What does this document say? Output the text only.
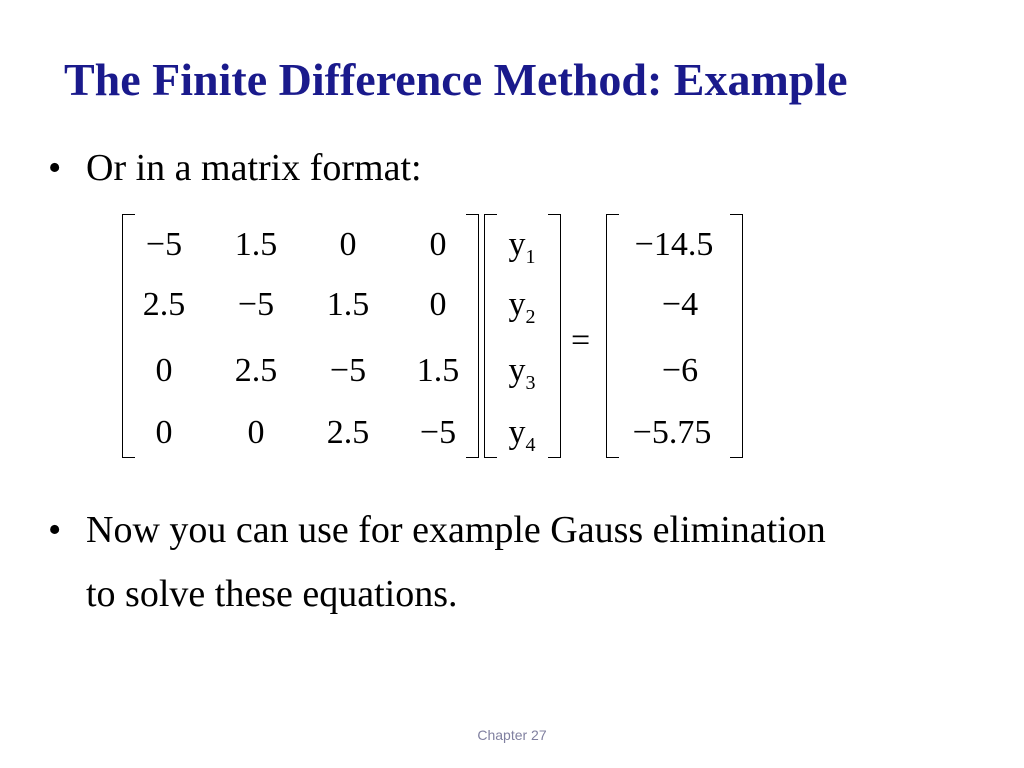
The Finite Difference Method: Example
• Or in a matrix format:
−5 1.5 0 0
2.5 −5 1.5 0
0 2.5 −5 1.5
0 0 2.5 −5
$y_1$
$y_2$
$y_3$
$y_4$
=
−14.5
−4
−6
−5.75
• Now you can use for example Gauss elimination
to solve these equations.
Chapter 27
